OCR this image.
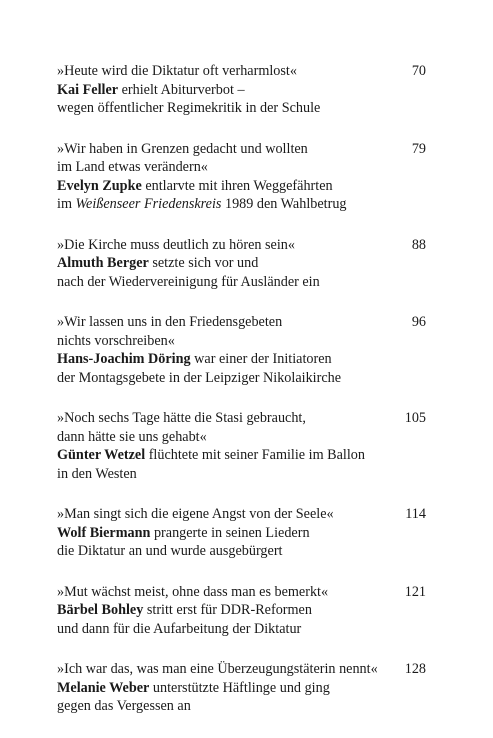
70
»Heute wird die Diktatur oft verharmlost«
Kai Feller erhielt Abiturverbot –
wegen öffentlicher Regimekritik in der Schule
79
»Wir haben in Grenzen gedacht und wollten
im Land etwas verändern«
Evelyn Zupke entlarvte mit ihren Weggefährten
im Weißenseer Friedenskreis 1989 den Wahlbetrug
88
»Die Kirche muss deutlich zu hören sein«
Almuth Berger setzte sich vor und
nach der Wiedervereinigung für Ausländer ein
96
»Wir lassen uns in den Friedensgebeten
nichts vorschreiben«
Hans-Joachim Döring war einer der Initiatoren
der Montagsgebete in der Leipziger Nikolaikirche
105
»Noch sechs Tage hätte die Stasi gebraucht,
dann hätte sie uns gehabt«
Günter Wetzel flüchtete mit seiner Familie im Ballon
in den Westen
114
»Man singt sich die eigene Angst von der Seele«
Wolf Biermann prangerte in seinen Liedern
die Diktatur an und wurde ausgebürgert
121
»Mut wächst meist, ohne dass man es bemerkt«
Bärbel Bohley stritt erst für DDR-Reformen
und dann für die Aufarbeitung der Diktatur
128
»Ich war das, was man eine Überzeugungstäterin nennt«
Melanie Weber unterstützte Häftlinge und ging
gegen das Vergessen an
